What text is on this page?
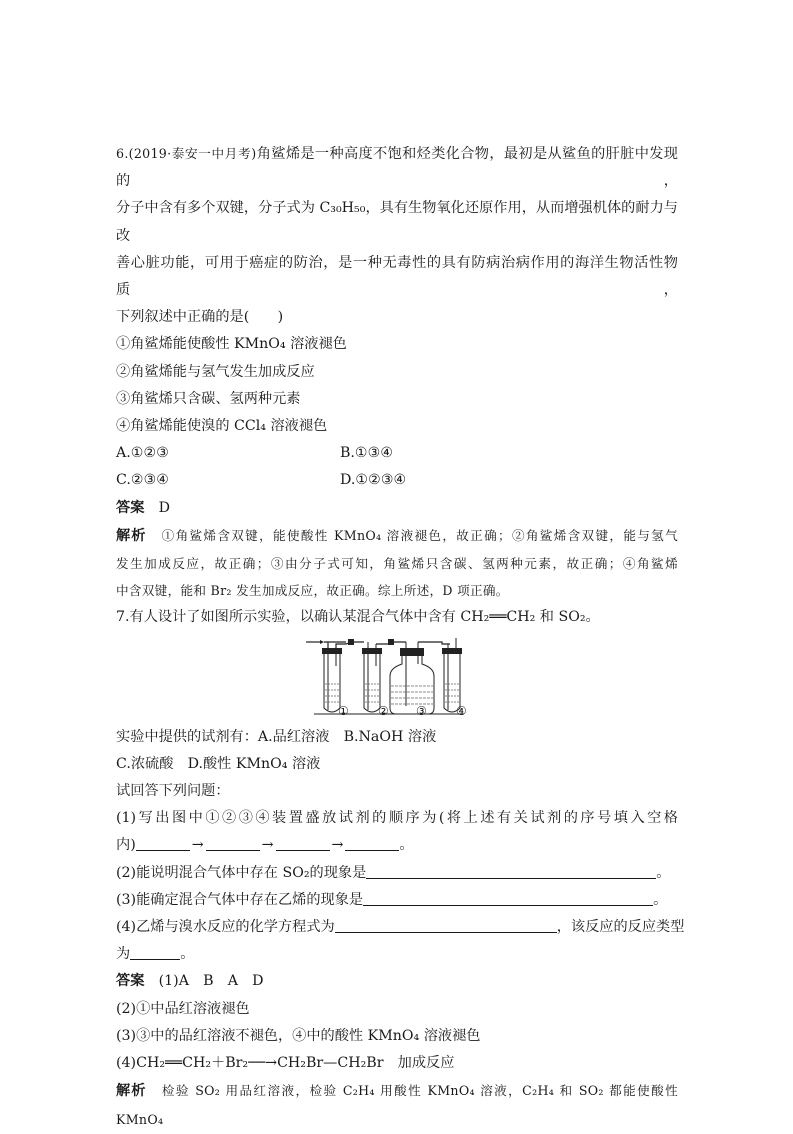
6.(2019·泰安一中月考)角鲨烯是一种高度不饱和烃类化合物，最初是从鲨鱼的肝脏中发现的，
分子中含有多个双键，分子式为 C₃₀H₅₀，具有生物氧化还原作用，从而增强机体的耐力与改
善心脏功能，可用于癌症的防治，是一种无毒性的具有防病治病作用的海洋生物活性物质，
下列叙述中正确的是(　　)
①角鲨烯能使酸性 KMnO₄ 溶液褪色
②角鲨烯能与氢气发生加成反应
③角鲨烯只含碳、氢两种元素
④角鲨烯能使溴的 CCl₄ 溶液褪色
A.①②③	B.①③④
C.②③④	D.①②③④
答案　 D
解析　 ①角鲨烯含双键，能使酸性 KMnO₄ 溶液褪色，故正确；②角鲨烯含双键，能与氢气
发生加成反应，故正确；③由分子式可知，角鲨烯只含碳、氢两种元素，故正确；④角鲨烯
中含双键，能和 Br₂ 发生加成反应，故正确。综上所述，D 项正确。
7.有人设计了如图所示实验，以确认某混合气体中含有 CH₂══CH₂ 和 SO₂。
① ② ③ ④
实验中提供的试剂有：A.品红溶液　B.NaOH 溶液
C.浓硫酸　D.酸性 KMnO₄ 溶液
试回答下列问题：
(1)写出图中①②③④装置盛放试剂的顺序为(将上述有关试剂的序号填入空格
内)	→	→	→	。
(2)能说明混合气体中存在 SO₂的现象是	。
(3)能确定混合气体中存在乙烯的现象是	。
(4)乙烯与溴水反应的化学方程式为	，该反应的反应类型
为	。
答案　 (1)A　B　A　D
(2)①中品红溶液褪色
(3)③中的品红溶液不褪色，④中的酸性 KMnO₄ 溶液褪色
(4)CH₂══CH₂＋Br₂──→CH₂Br—CH₂Br　加成反应
解析　 检验 SO₂ 用品红溶液，检验 C₂H₄ 用酸性 KMnO₄ 溶液，C₂H₄ 和 SO₂ 都能使酸性 KMnO₄
